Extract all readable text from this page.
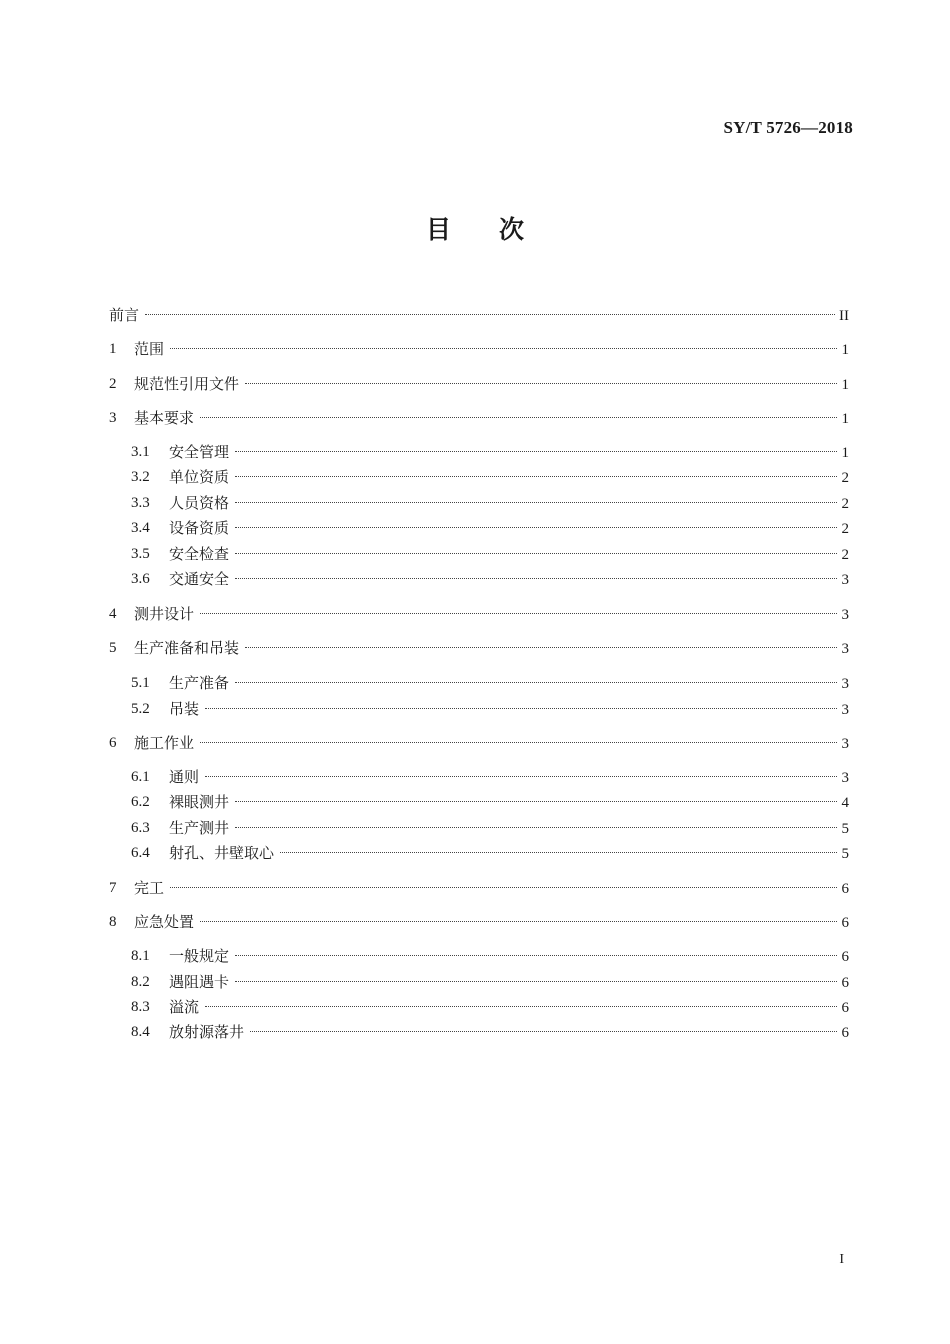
SY/T 5726—2018
目次
前言	II
1 范围	1
2 规范性引用文件	1
3 基本要求	1
3.1 安全管理	1
3.2 单位资质	2
3.3 人员资格	2
3.4 设备资质	2
3.5 安全检查	2
3.6 交通安全	3
4 测井设计	3
5 生产准备和吊装	3
5.1 生产准备	3
5.2 吊装	3
6 施工作业	3
6.1 通则	3
6.2 裸眼测井	4
6.3 生产测井	5
6.4 射孔、井壁取心	5
7 完工	6
8 应急处置	6
8.1 一般规定	6
8.2 遇阻遇卡	6
8.3 溢流	6
8.4 放射源落井	6
I
